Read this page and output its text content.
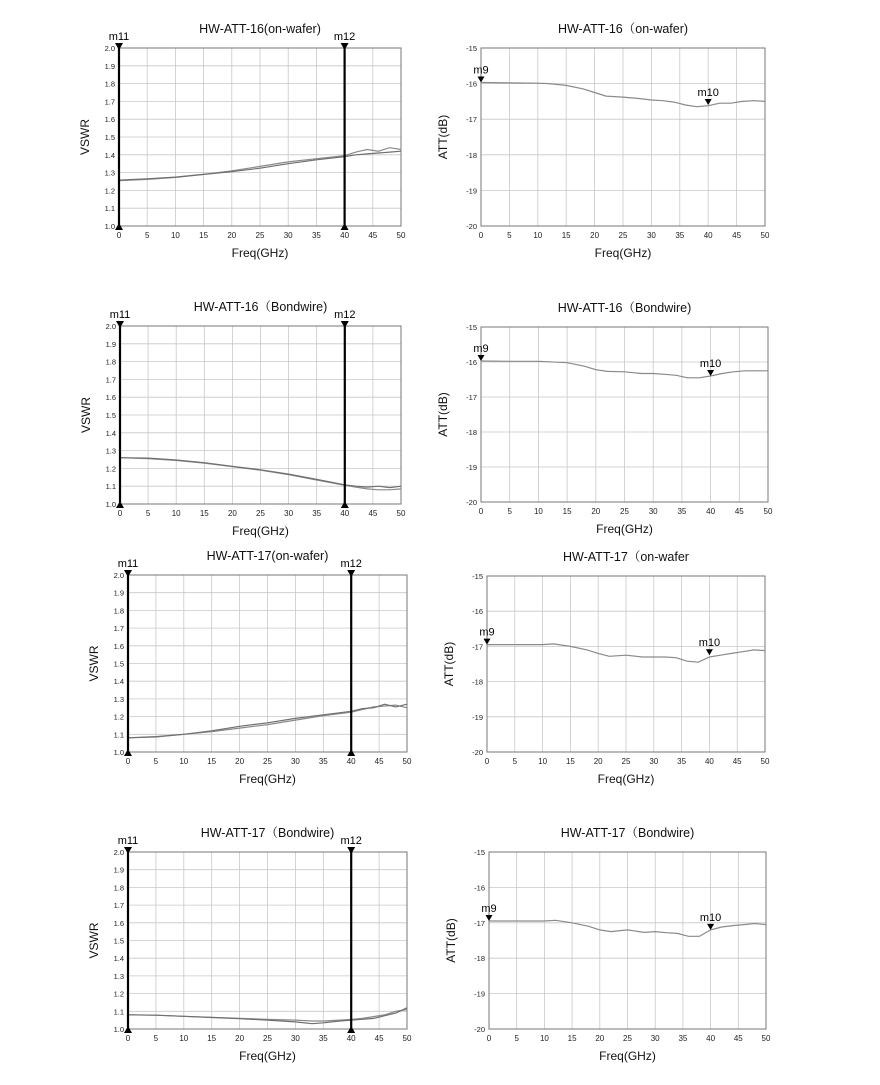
0	5	10 15 20 25 30 35 40 45 50
1.0
1.1
1.2
1.3
1.4
1.5
1.6
1.7
1.8
1.9
2.0
m11	m12
HW-ATT-16(on-wafer)
Freq(GHz)
VSWR
0	5	10 15 20 25 30 35 40 45 50
-20
-19
-18
-17
-16
-15
m9
m10
HW-ATT-16（on-wafer)
Freq(GHz)
ATT(dB)
0	5	10 15 20 25 30 35 40 45 50
1.0
1.1
1.2
1.3
1.4
1.5
1.6
1.7
1.8
1.9
2.0
m11	m12
HW-ATT-16（Bondwire)
Freq(GHz)
VSWR
0	5	10 15 20 25 30 35 40 45 50
-20
-19
-18
-17
-16
-15
m9
m10
HW-ATT-16（Bondwire)
Freq(GHz)
ATT(dB)
0	5	10 15 20 25 30 35 40 45 50
1.0
1.1
1.2
1.3
1.4
1.5
1.6
1.7
1.8
1.9
2.0
m11	m12
HW-ATT-17(on-wafer)
Freq(GHz)
VSWR
0	5	10 15 20 25 30 35 40 45 50
-20
-19
-18
-17
-16
-15
m9
m10
HW-ATT-17（on-wafer
Freq(GHz)
ATT(dB)
0	5	10 15 20 25 30 35 40 45 50
1.0
1.1
1.2
1.3
1.4
1.5
1.6
1.7
1.8
1.9
2.0
m11	m12
HW-ATT-17（Bondwire)
Freq(GHz)
VSWR
0	5	10 15 20 25 30 35 40 45 50
-20
-19
-18
-17
-16
-15
m9
m10
HW-ATT-17（Bondwire)
Freq(GHz)
ATT(dB)
